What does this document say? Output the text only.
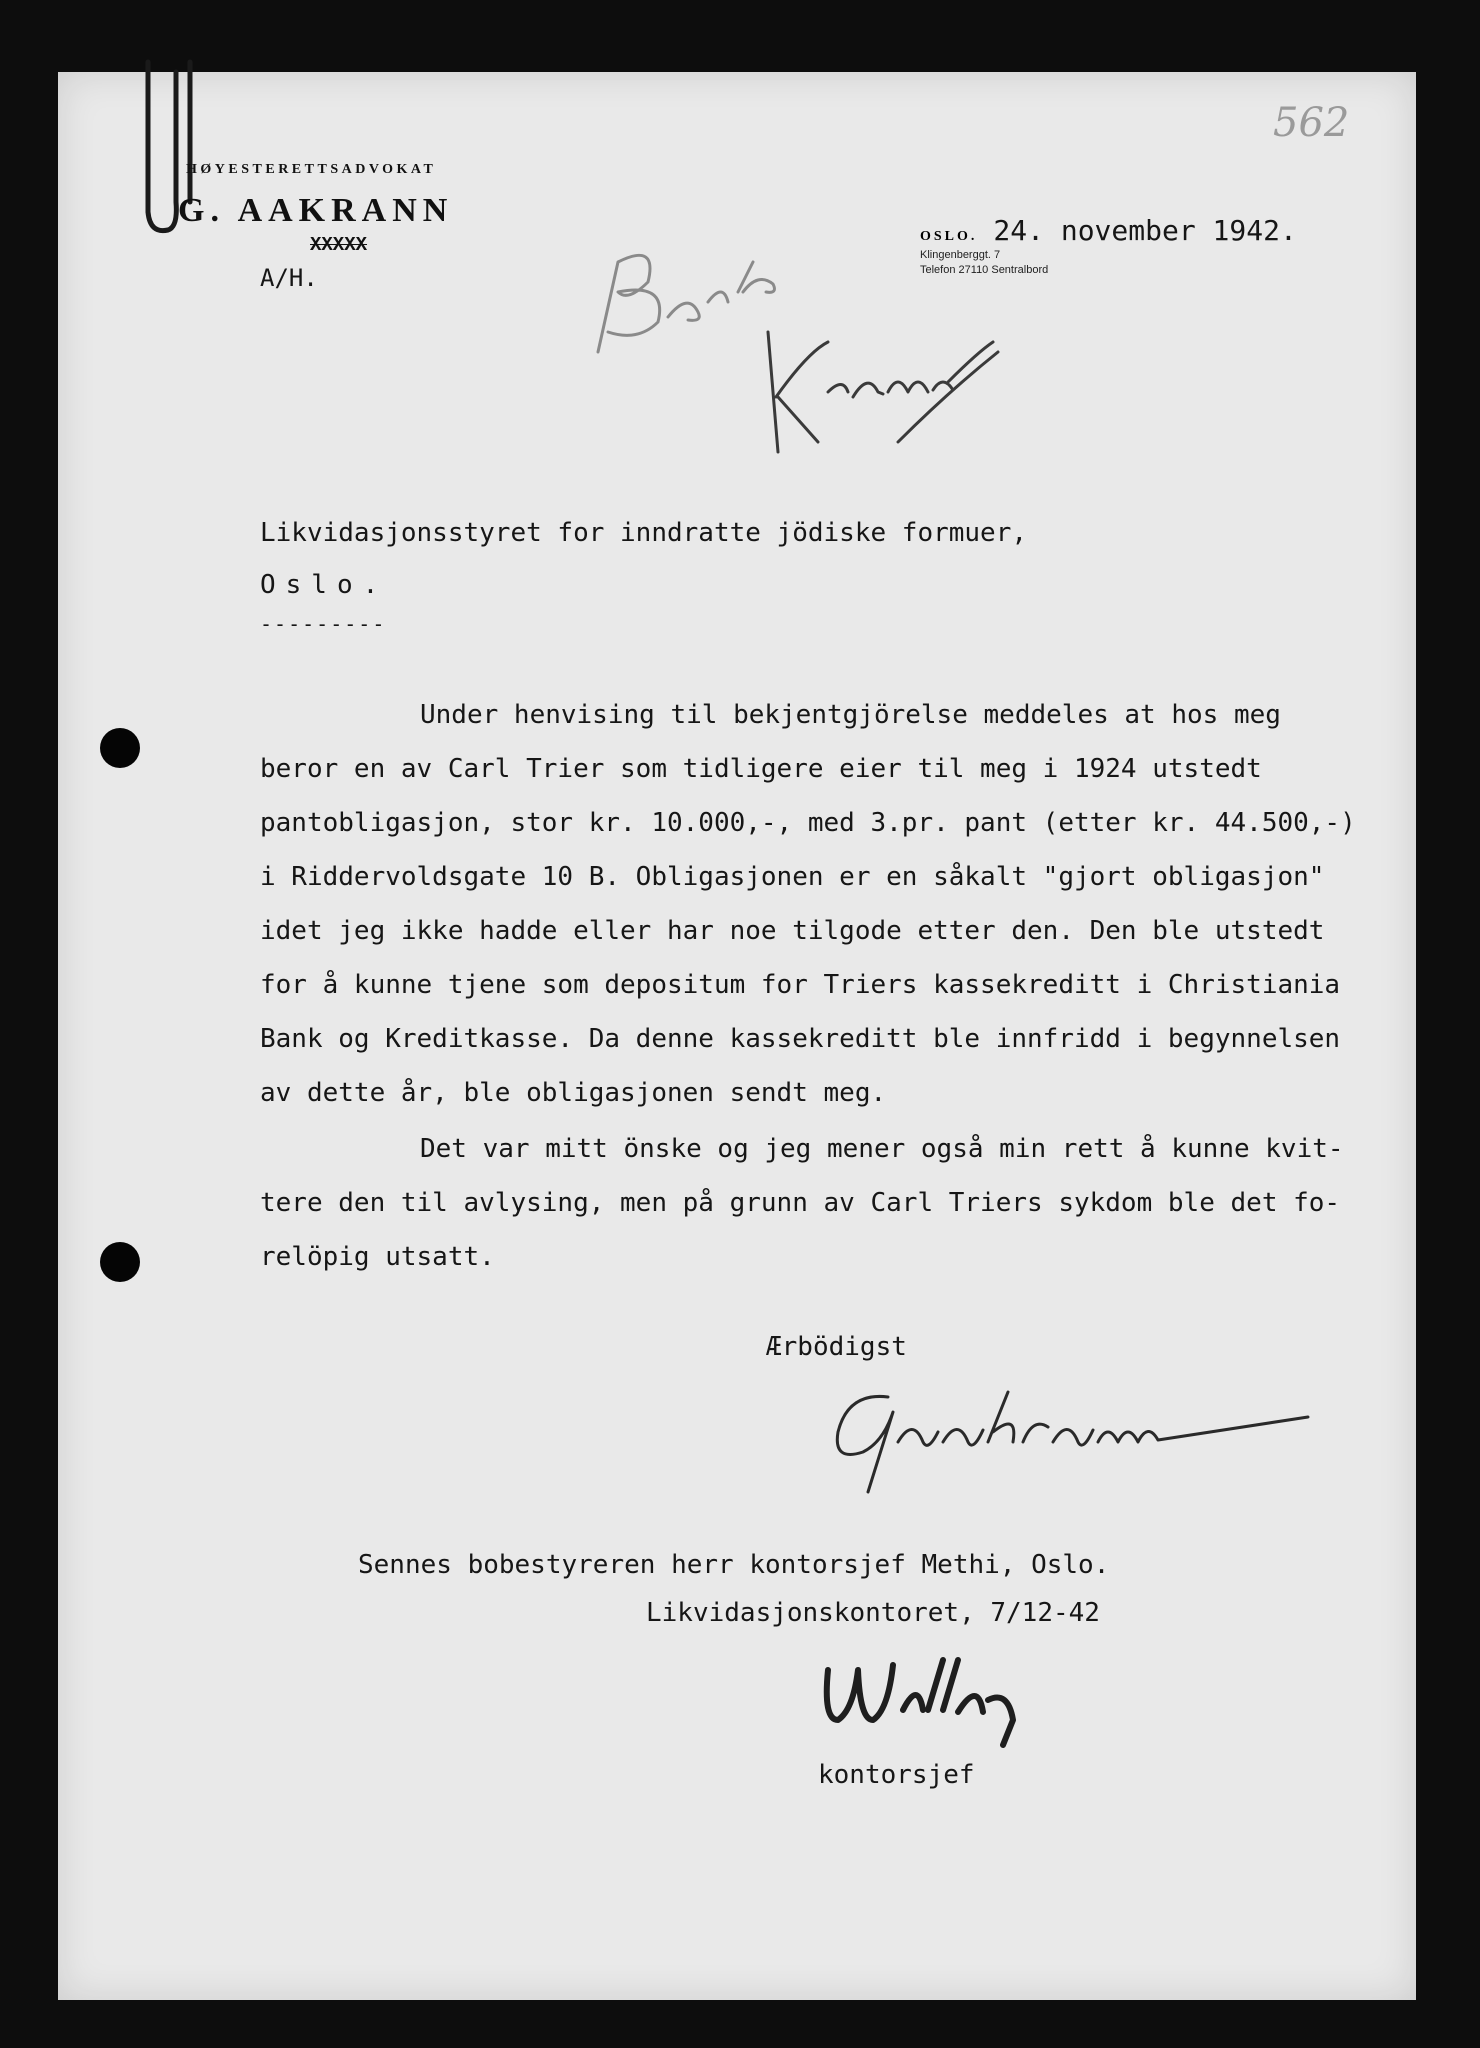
HØYESTERETTSADVOKAT
G. AAKRANN
XXXXX
A/H.
OSLO. 24. november 1942.
Klingenberggt. 7
Telefon 27110 Sentralbord
562
Likvidasjonsstyret for inndratte jödiske formuer,
Oslo.
---------
Under henvising til bekjentgjörelse meddeles at hos meg
beror en av Carl Trier som tidligere eier til meg i 1924 utstedt
pantobligasjon, stor kr. 10.000,-, med 3.pr. pant (etter kr. 44.500,-)
i Riddervoldsgate 10 B. Obligasjonen er en såkalt "gjort obligasjon"
idet jeg ikke hadde eller har noe tilgode etter den. Den ble utstedt
for å kunne tjene som depositum for Triers kassekreditt i Christiania
Bank og Kreditkasse. Da denne kassekreditt ble innfridd i begynnelsen
av dette år, ble obligasjonen sendt meg.
Det var mitt önske og jeg mener også min rett å kunne kvit-
tere den til avlysing, men på grunn av Carl Triers sykdom ble det fo-
relöpig utsatt.
Ærbödigst
Sennes bobestyreren herr kontorsjef Methi, Oslo.
Likvidasjonskontoret, 7/12-42
kontorsjef
